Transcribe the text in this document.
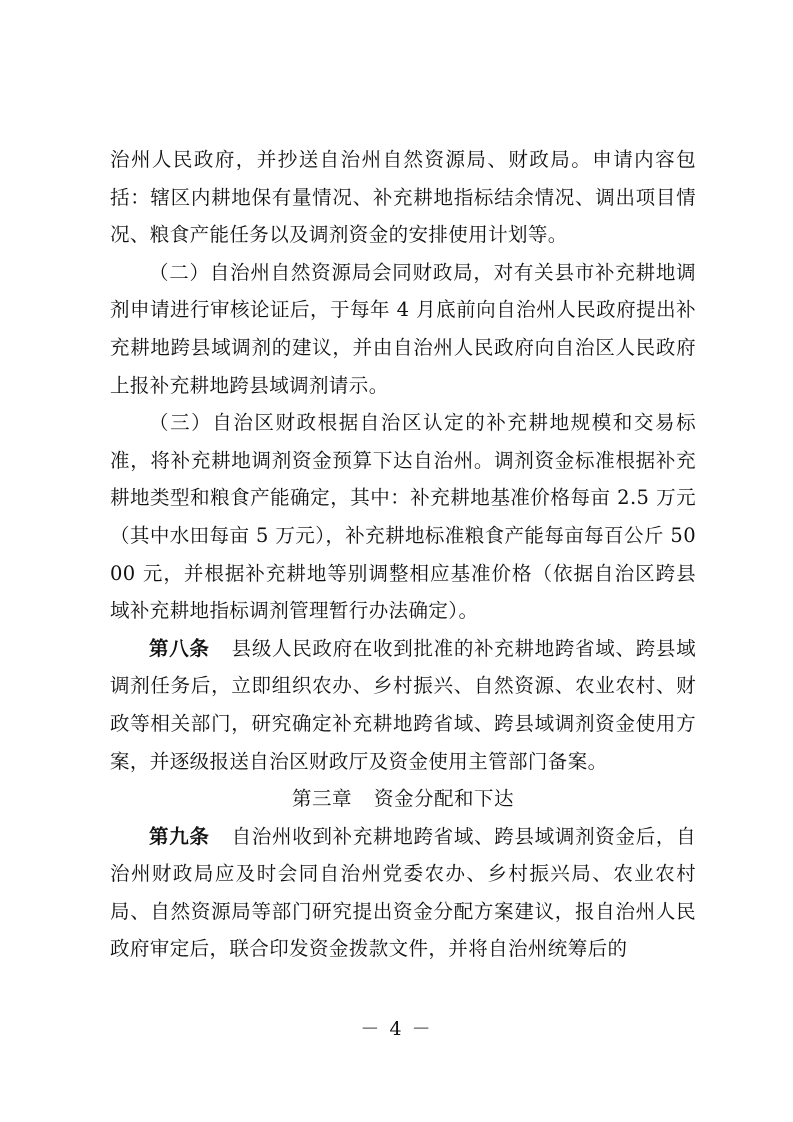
治州人民政府，并抄送自治州自然资源局、财政局。申请内容包括：辖区内耕地保有量情况、补充耕地指标结余情况、调出项目情况、粮食产能任务以及调剂资金的安排使用计划等。

（二）自治州自然资源局会同财政局，对有关县市补充耕地调剂申请进行审核论证后，于每年 4 月底前向自治州人民政府提出补充耕地跨县域调剂的建议，并由自治州人民政府向自治区人民政府上报补充耕地跨县域调剂请示。

（三）自治区财政根据自治区认定的补充耕地规模和交易标准，将补充耕地调剂资金预算下达自治州。调剂资金标准根据补充耕地类型和粮食产能确定，其中：补充耕地基准价格每亩 2.5 万元（其中水田每亩 5 万元），补充耕地标准粮食产能每亩每百公斤 5000 元，并根据补充耕地等别调整相应基准价格（依据自治区跨县域补充耕地指标调剂管理暂行办法确定）。

第八条 县级人民政府在收到批准的补充耕地跨省域、跨县域调剂任务后，立即组织农办、乡村振兴、自然资源、农业农村、财政等相关部门，研究确定补充耕地跨省域、跨县域调剂资金使用方案，并逐级报送自治区财政厅及资金使用主管部门备案。

第三章 资金分配和下达

第九条 自治州收到补充耕地跨省域、跨县域调剂资金后，自治州财政局应及时会同自治州党委农办、乡村振兴局、农业农村局、自然资源局等部门研究提出资金分配方案建议，报自治州人民政府审定后，联合印发资金拨款文件，并将自治州统筹后的

－ 4 －
